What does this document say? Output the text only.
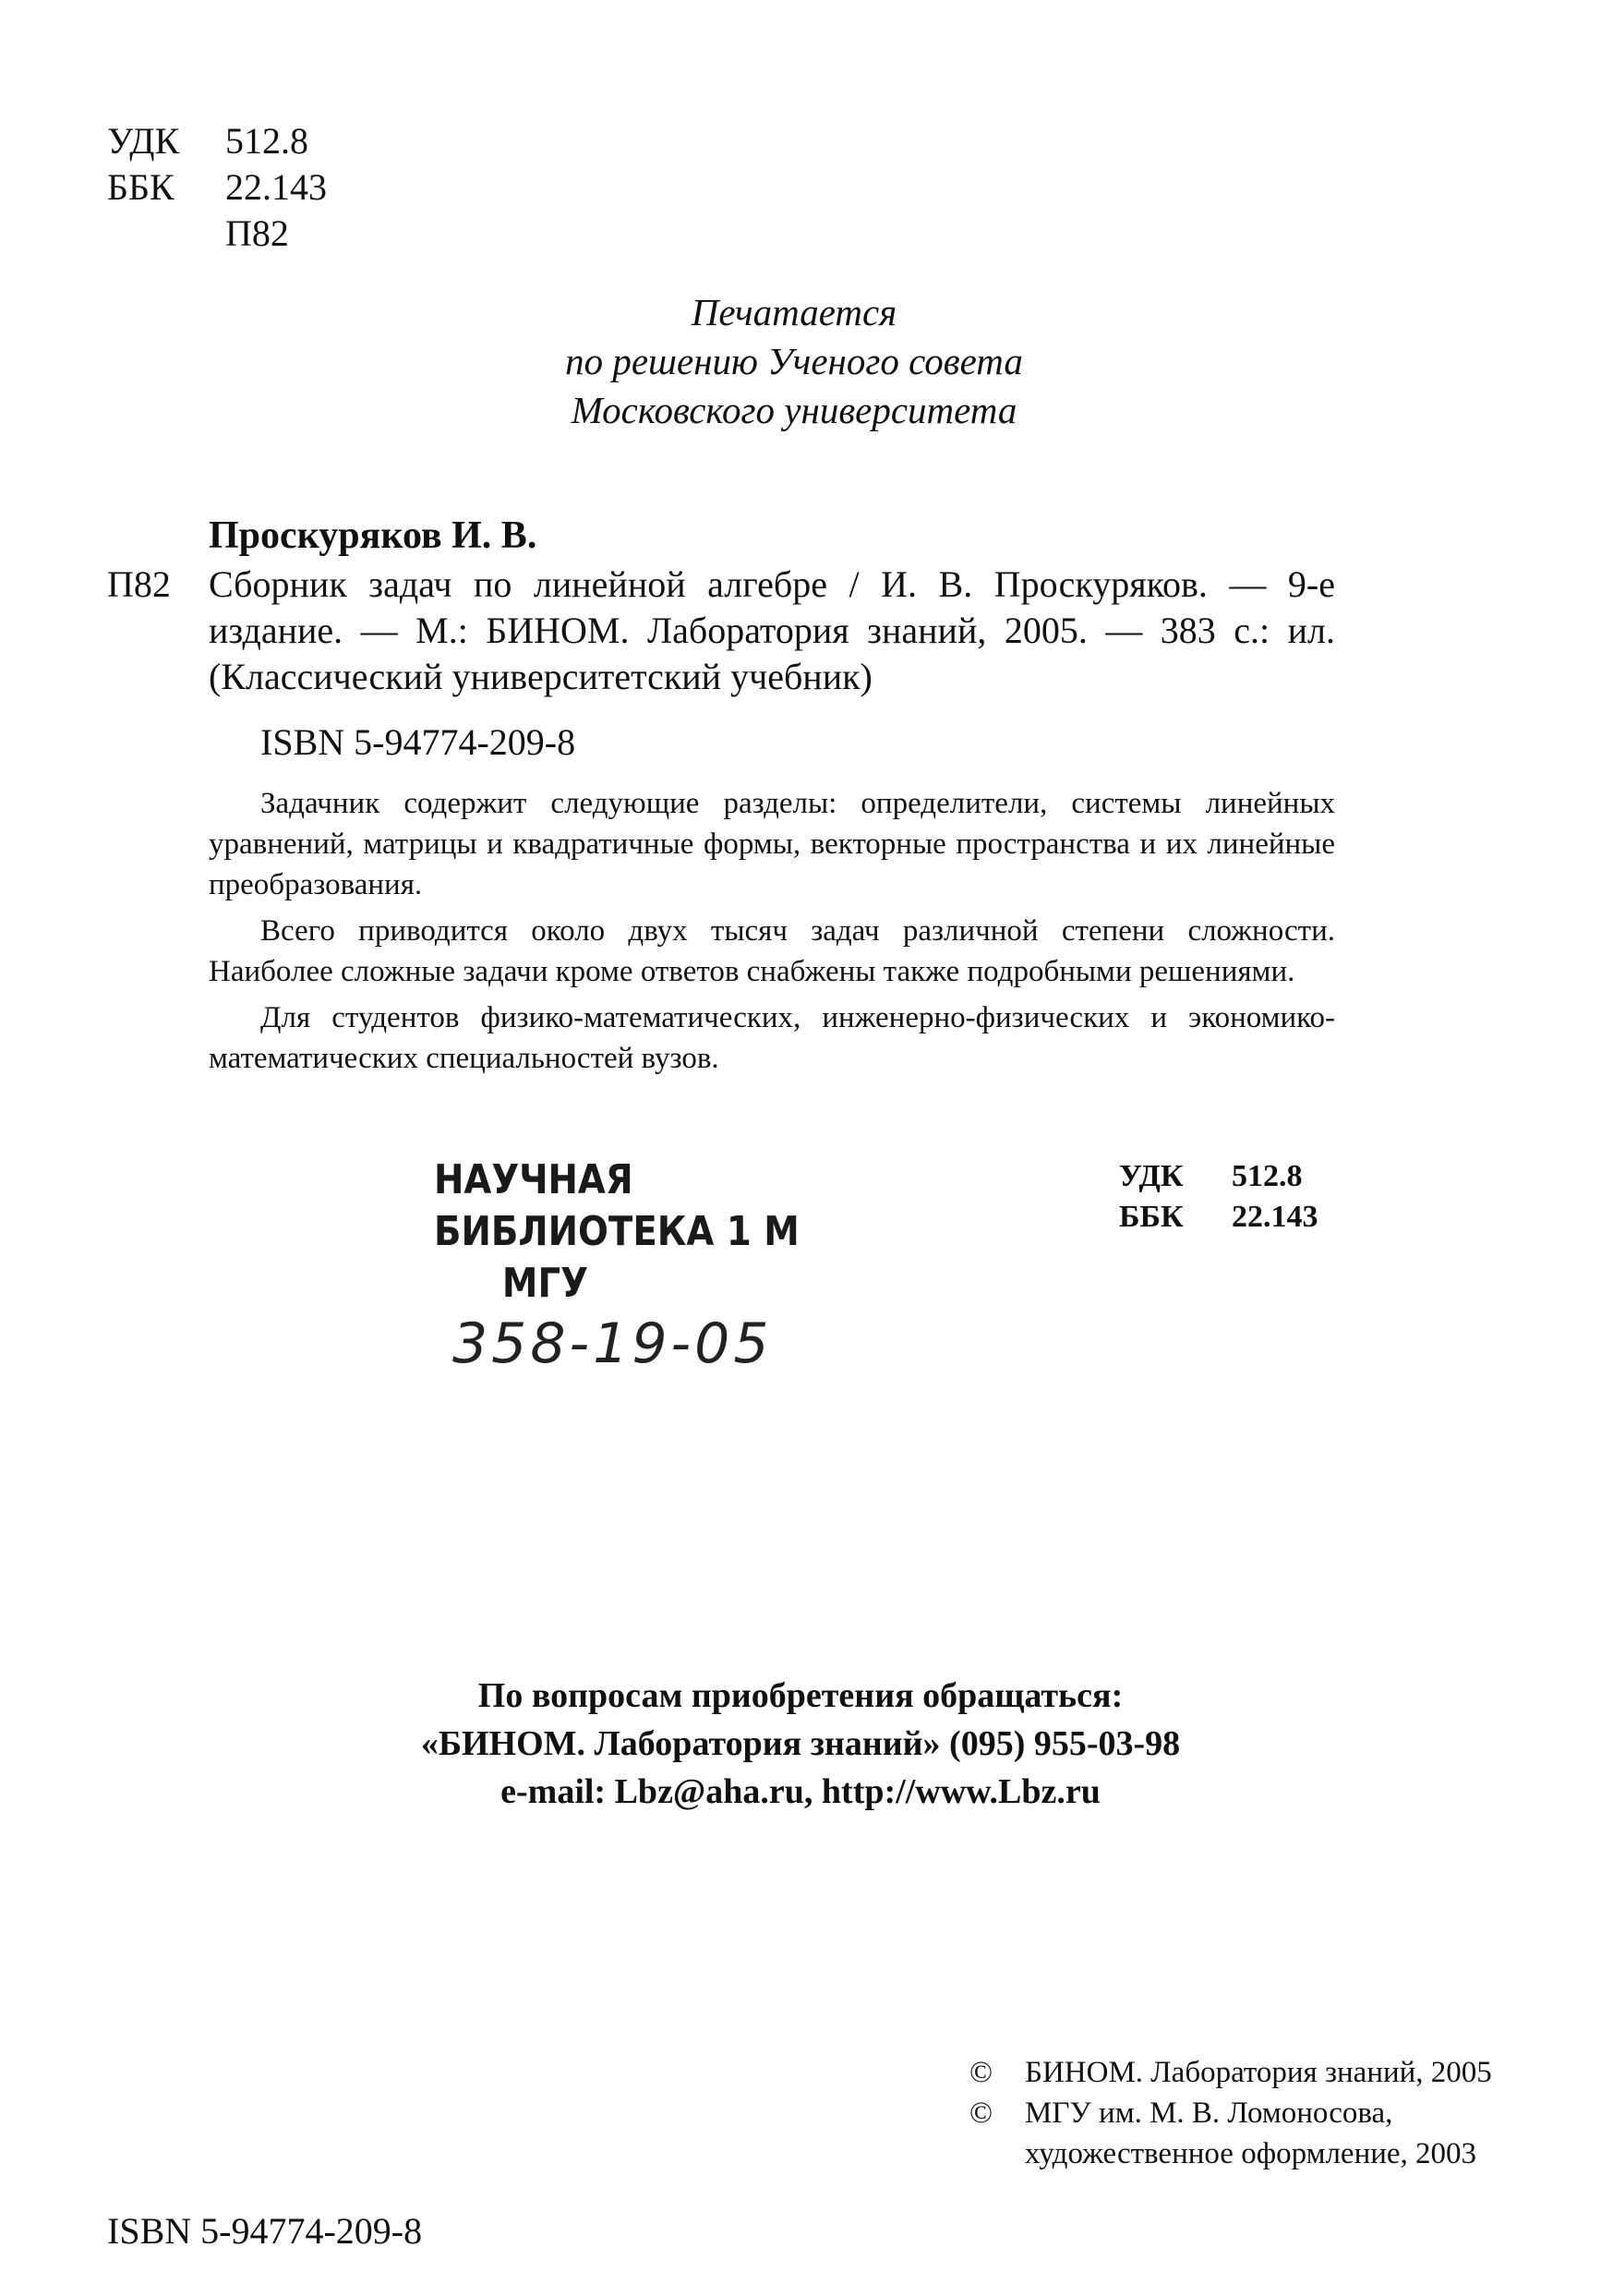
УДК	512.8
ББК	22.143
П82
Печатается
по решению Ученого совета
Московского университета
Проскуряков И. В.
П82 Сборник задач по линейной алгебре / И. В. Проскуряков. — 9-е издание. — М.: БИНОМ. Лаборатория знаний, 2005. — 383 с.: ил. (Классический университетский учебник)
ISBN 5-94774-209-8

Задачник содержит следующие разделы: определители, системы линейных уравнений, матрицы и квадратичные формы, векторные пространства и их линейные преобразования.

Всего приводится около двух тысяч задач различной степени сложности. Наиболее сложные задачи кроме ответов снабжены также подробными решениями.

Для студентов физико-математических, инженерно-физических и экономико-математических специальностей вузов.

НАУЧНАЯ
БИБЛИОТЕКА 1 М
МГУ
358-19-05
УДК	512.8
ББК	22.143
По вопросам приобретения обращаться:
«БИНОМ. Лаборатория знаний» (095) 955-03-98
e-mail: Lbz@aha.ru, http://www.Lbz.ru
©	БИНОМ. Лаборатория знаний, 2005
©	МГУ им. М. В. Ломоносова, художественное оформление, 2003
ISBN 5-94774-209-8
